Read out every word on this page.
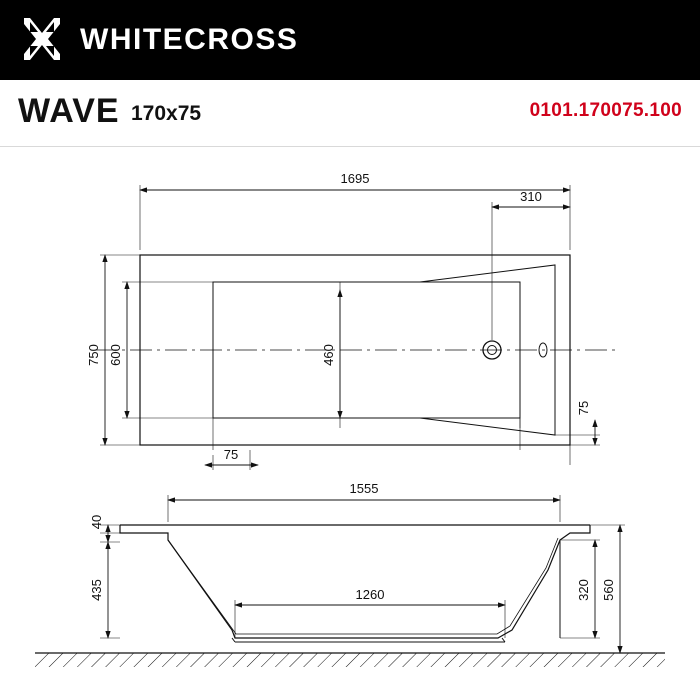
WHITECROSS
WAVE 170x75	0101.170075.100
1695
310
750 600	460
75
75
1555
40
435	1260	320 560
